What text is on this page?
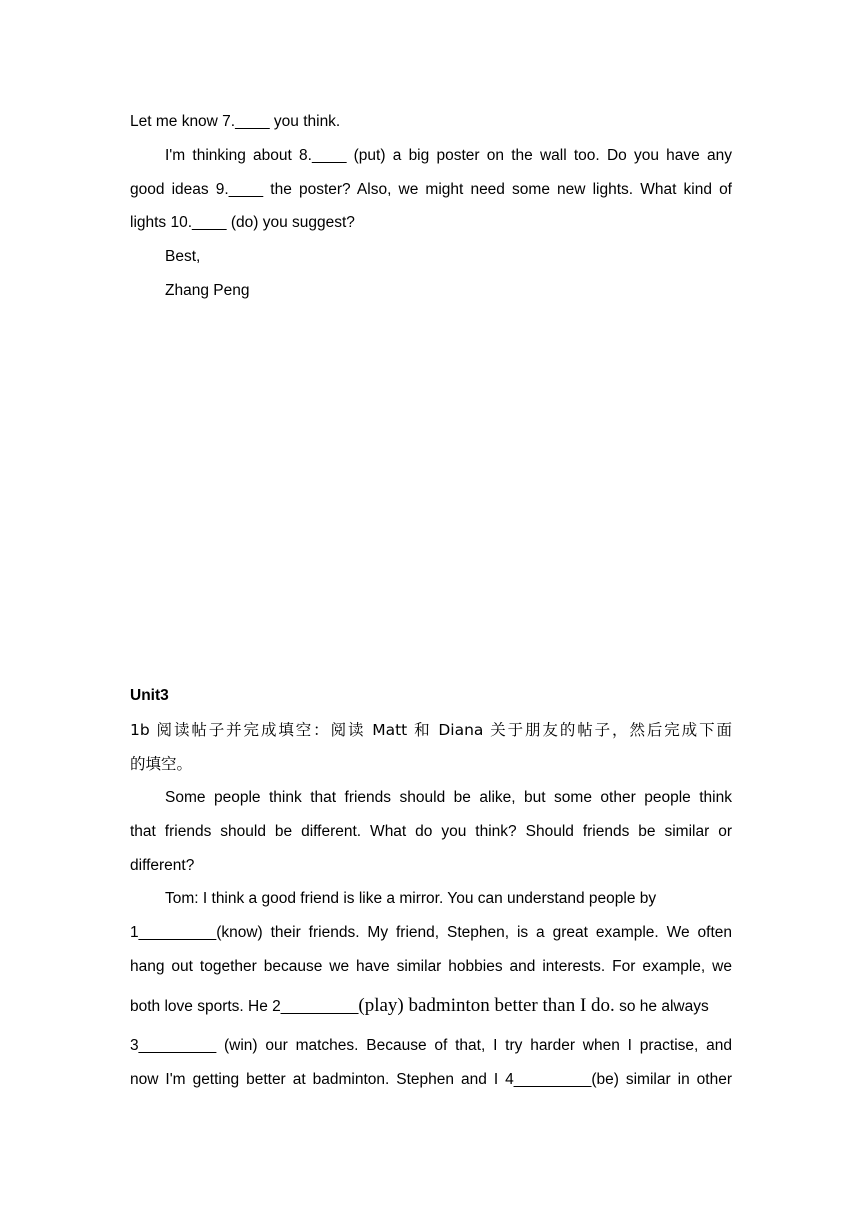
Let me know 7.____ you think.
I'm thinking about 8.____ (put) a big poster on the wall too. Do you have any
good ideas 9.____ the poster? Also, we might need some new lights. What kind of
lights 10.____ (do) you suggest?
Best,
Zhang Peng
Unit3
1b 阅读帖子并完成填空：阅读 Matt 和 Diana 关于朋友的帖子，然后完成下面
的填空。
Some people think that friends should be alike, but some other people think
that friends should be different. What do you think? Should friends be similar or
different?
Tom: I think a good friend is like a mirror. You can understand people by
1_________(know) their friends. My friend, Stephen, is a great example. We often
hang out together because we have similar hobbies and interests. For example, we
both love sports. He 2_________(play) badminton better than I do. so he always
3_________ (win) our matches. Because of that, I try harder when I practise, and
now I'm getting better at badminton. Stephen and I 4_________(be) similar in other
